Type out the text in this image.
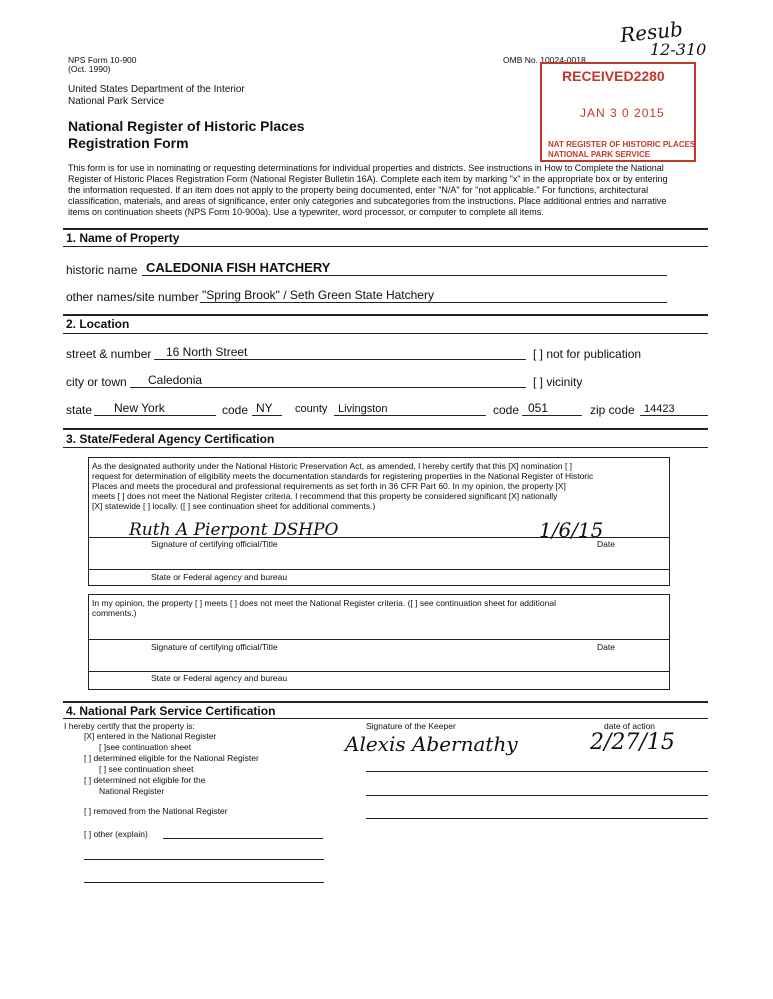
NPS Form 10-900
(Oct. 1990)
OMB No. 10024-0018
Resub
12-310
United States Department of the Interior
National Park Service
National Register of Historic Places
Registration Form
RECEIVED2280
JAN 3 0 2015
NAT REGISTER OF HISTORIC PLACES
NATIONAL PARK SERVICE
This form is for use in nominating or requesting determinations for individual properties and districts. See instructions in How to Complete the National
Register of Historic Places Registration Form (National Register Bulletin 16A). Complete each item by marking "x" in the appropriate box or by entering
the information requested. If an item does not apply to the property being documented, enter "N/A" for "not applicable." For functions, architectural
classification, materials, and areas of significance, enter only categories and subcategories from the instructions. Place additional entries and narrative
items on continuation sheets (NPS Form 10-900a). Use a typewriter, word processor, or computer to complete all items.
1. Name of Property
historic name CALEDONIA FISH HATCHERY
other names/site number "Spring Brook" / Seth Green State Hatchery
2. Location
street & number	16 North Street	[ ] not for publication
city or town	Caledonia	[ ] vicinity
state	New York	code NY	county Livingston	code 051	zip code 14423
3. State/Federal Agency Certification
As the designated authority under the National Historic Preservation Act, as amended, I hereby certify that this [X] nomination [ ]
request for determination of eligibility meets the documentation standards for registering properties in the National Register of Historic
Places and meets the procedural and professional requirements as set forth in 36 CFR Part 60. In my opinion, the property [X]
meets [ ] does not meet the National Register criteria. I recommend that this property be considered significant [X] nationally
[X] statewide [ ] locally. ([ ] see continuation sheet for additional comments.)
Ruth A Pierpont DSHPO	1/6/15
Signature of certifying official/Title	Date
State or Federal agency and bureau
In my opinion, the property [ ] meets [ ] does not meet the National Register criteria. ([ ] see continuation sheet for additional
comments.)
Signature of certifying official/Title	Date
State or Federal agency and bureau
4. National Park Service Certification
I hereby certify that the property is:	Signature of the Keeper	date of action
Alexis Abernathy	2/27/15
[X] entered in the National Register
[ ]see continuation sheet
[ ] determined eligible for the National Register
[ ] see continuation sheet
[ ] determined not eligible for the
National Register
[ ] removed from the National Register
[ ] other (explain)
